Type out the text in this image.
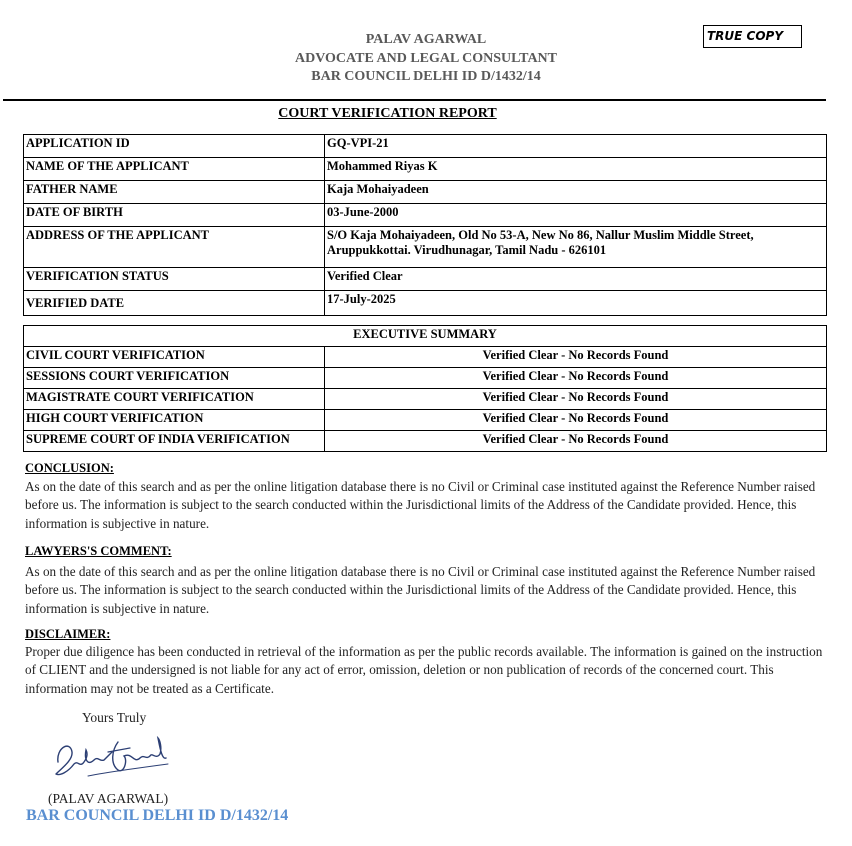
PALAV AGARWAL
ADVOCATE AND LEGAL CONSULTANT
BAR COUNCIL DELHI ID D/1432/14
TRUE COPY
COURT VERIFICATION REPORT
APPLICATION ID	GQ-VPI-21
NAME OF THE APPLICANT	Mohammed Riyas K
FATHER NAME	Kaja Mohaiyadeen
DATE OF BIRTH	03-June-2000
ADDRESS OF THE APPLICANT	S/O Kaja Mohaiyadeen, Old No 53-A, New No 86, Nallur Muslim Middle Street,
Aruppukkottai. Virudhunagar, Tamil Nadu - 626101

VERIFICATION STATUS	Verified Clear
VERIFIED DATE	17-July-2025
EXECUTIVE SUMMARY	
CIVIL COURT VERIFICATION	Verified Clear - No Records Found
SESSIONS COURT VERIFICATION	Verified Clear - No Records Found
MAGISTRATE COURT VERIFICATION	Verified Clear - No Records Found
HIGH COURT VERIFICATION	Verified Clear - No Records Found
SUPREME COURT OF INDIA VERIFICATION	Verified Clear - No Records Found
CONCLUSION:
As on the date of this search and as per the online litigation database there is no Civil or Criminal case instituted against the Reference Number raised before us. The information is subject to the search conducted within the Jurisdictional limits of the Address of the Candidate provided. Hence, this information is subjective in nature.
LAWYERS'S COMMENT:
As on the date of this search and as per the online litigation database there is no Civil or Criminal case instituted against the Reference Number raised before us. The information is subject to the search conducted within the Jurisdictional limits of the Address of the Candidate provided. Hence, this information is subjective in nature.
DISCLAIMER:
Proper due diligence has been conducted in retrieval of the information as per the public records available. The information is gained on the instruction of CLIENT and the undersigned is not liable for any act of error, omission, deletion or non publication of records of the concerned court. This information may not be treated as a Certificate.
Yours Truly
(PALAV AGARWAL)
BAR COUNCIL DELHI ID D/1432/14
